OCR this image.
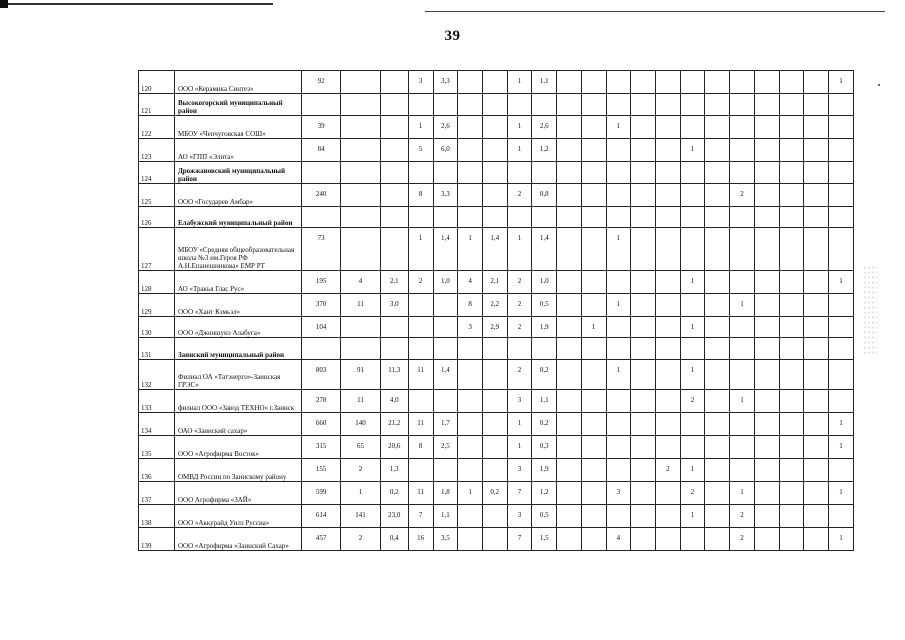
39
120	ООО «Керамика Синтез»	92			3	3,3			1	1,1												1
121	Высокогорский муниципальный район																					
122	МБОУ «Чепчуговская СОШ»	39			1	2,6			1	2,6			1									
123	АО «ГПП «Элита»	84			5	6,0			1	1,2						1						
124	Дрожжановский муниципальный район																					
125	ООО «Государев Амбар»	240			8	3,3			2	0,8								2				
126	Елабужский муниципальный район																					
127	МБОУ «Средняя общеобразовательная школа №3 им.Героя РФ А.Н.Епанешникова» ЕМР РТ	73			1	1,4	1	1,4	1	1,4			1									
128	АО «Тракья Глас Рус»	195	4	2,1	2	1,0	4	2,1	2	1,0						1						1
129	ООО «Хант Кэмьэл»	370	11	3,0			8	2,2	2	0,5			1					1				
130	ООО «Джоншунэ Алабуга»	104					3	2,9	2	1,9		1				1						
131	Заинский муниципальный район																					
132	Филиал ОА «Татэнерго»-Заинская ГРЭС»	803	91	11,3	11	1,4			2	0,2			1			1						
133	филиал ООО «Завод ТЕХНО» г.Заинск	278	11	4,0					3	1,1						2		1				
134	ОАО «Заинский сахар»	660	140	21,2	11	1,7			1	0,2												1
135	ООО «Агрофирма Восток»	315	65	20,6	8	2,5			1	0,3												1
136	ОМВД России по Заинскому району	155	2	1,3					3	1,9					2	1						
137	ООО Агрофирма «ЗАЙ»	599	1	0,2	11	1,8	1	0,2	7	1,2			3			2		1				1
138	ООО «Аккурайд Уилз Руссиа»	614	141	23,0	7	1,1			3	0,5						1		2				
139	ООО «Агрофирма «Заинский Сахар»	457	2	0,4	16	3,5			7	1,5			4					2				1
